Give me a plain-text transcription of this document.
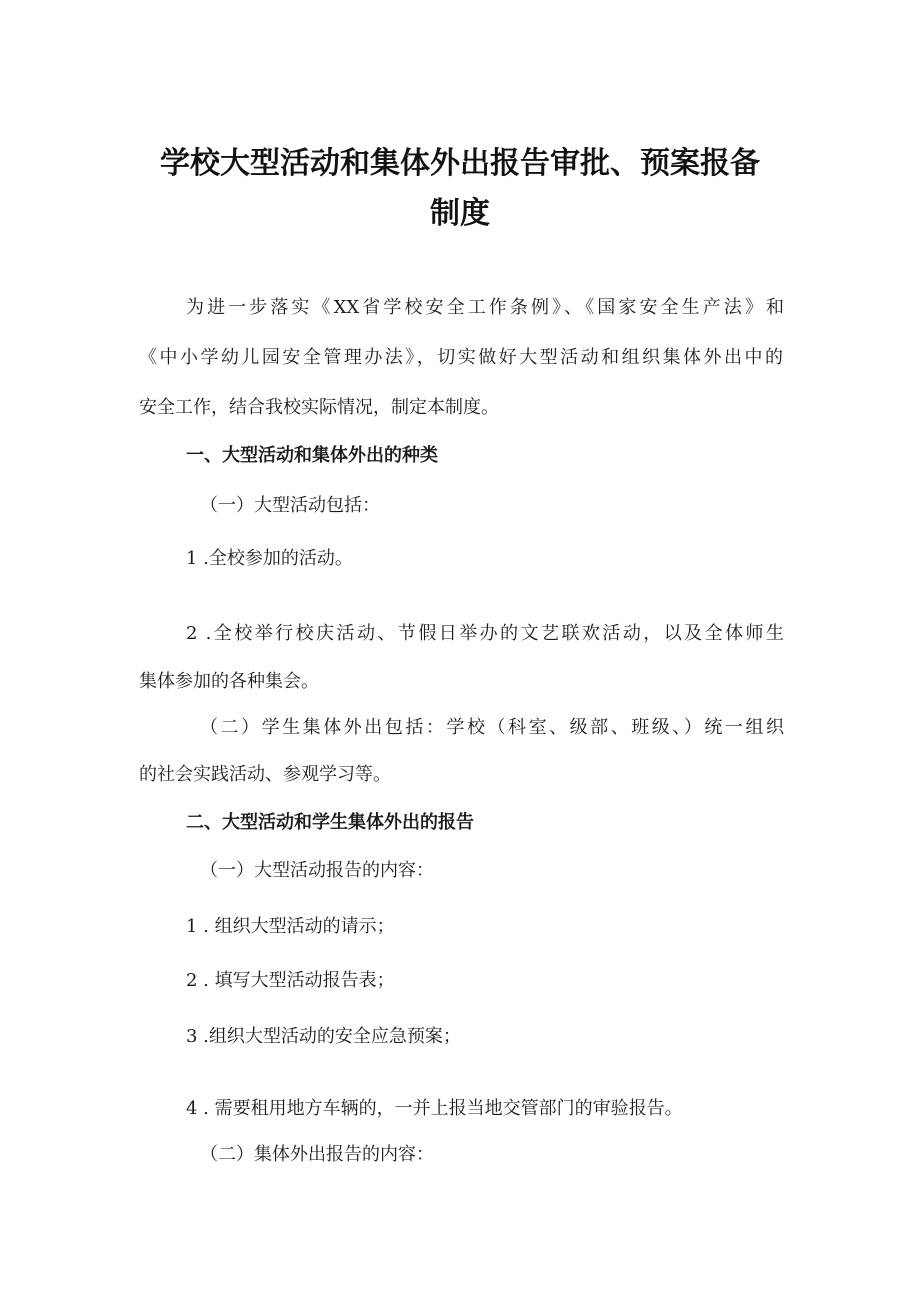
学校大型活动和集体外出报告审批、预案报备
制度

为进一步落实《XX省学校安全工作条例》、《国家安全生产法》和

《中小学幼儿园安全管理办法》，切实做好大型活动和组织集体外出中的

安全工作，结合我校实际情况，制定本制度。

一、大型活动和集体外出的种类

（一）大型活动包括：

1 .全校参加的活动。

2 .全校举行校庆活动、节假日举办的文艺联欢活动，以及全体师生

集体参加的各种集会。

（二）学生集体外出包括：学校（科室、级部、班级、）统一组织

的社会实践活动、参观学习等。

二、大型活动和学生集体外出的报告

（一）大型活动报告的内容：

1 . 组织大型活动的请示；

2 . 填写大型活动报告表；

3 .组织大型活动的安全应急预案；

4 . 需要租用地方车辆的，一并上报当地交管部门的审验报告。

（二）集体外出报告的内容：
